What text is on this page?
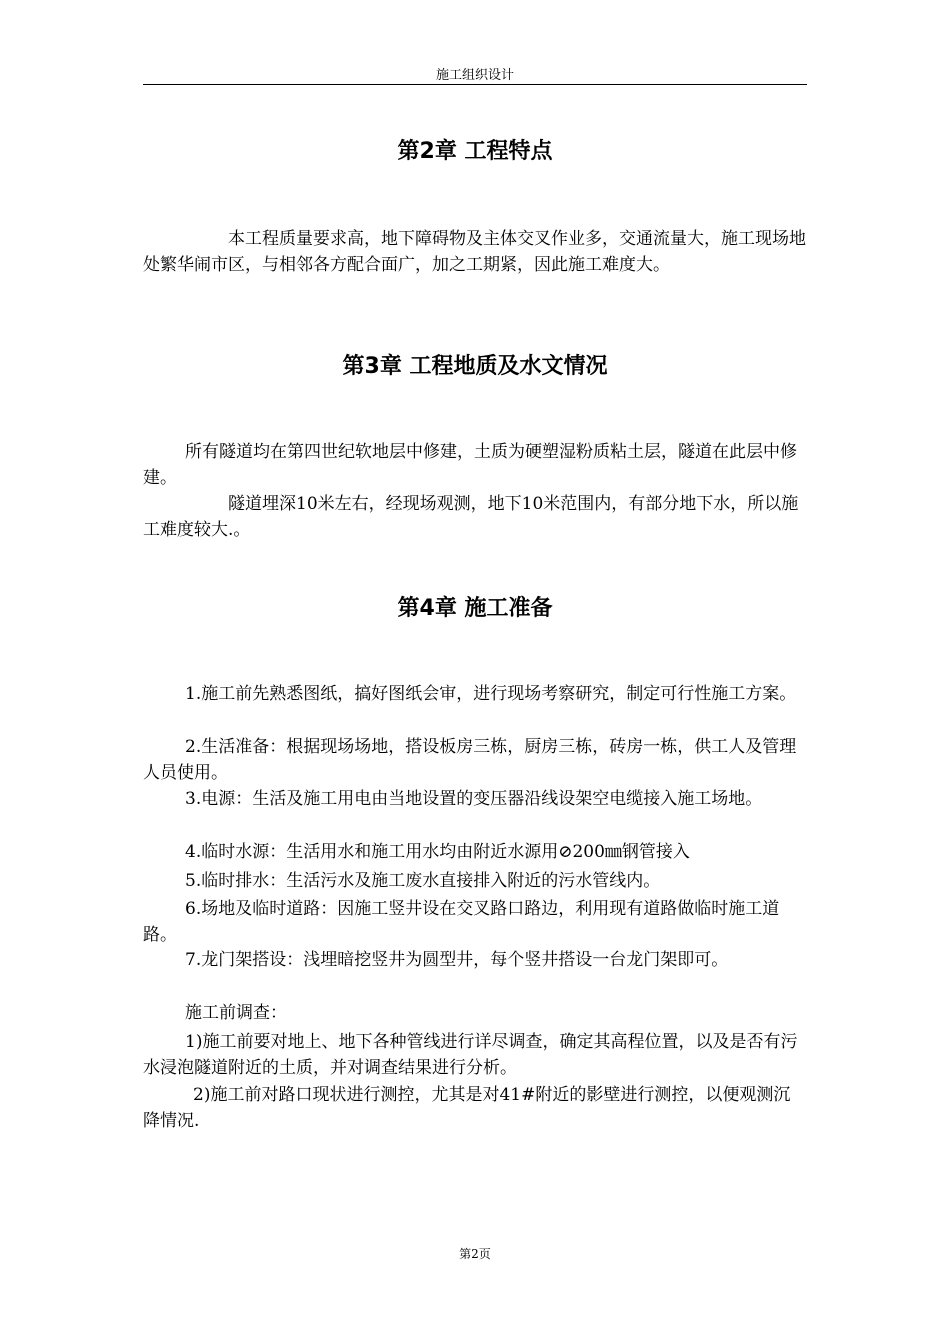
施工组织设计
第2章 工程特点

本工程质量要求高，地下障碍物及主体交叉作业多，交通流量大，施工现场地处繁华闹市区，与相邻各方配合面广，加之工期紧，因此施工难度大。

第3章 工程地质及水文情况

所有隧道均在第四世纪软地层中修建，土质为硬塑湿粉质粘土层，隧道在此层中修建。

隧道埋深10米左右，经现场观测，地下10米范围内，有部分地下水，所以施工难度较大.。

第4章 施工准备

1.施工前先熟悉图纸，搞好图纸会审，进行现场考察研究，制定可行性施工方案。

2.生活准备：根据现场场地，搭设板房三栋，厨房三栋，砖房一栋，供工人及管理人员使用。

3.电源：生活及施工用电由当地设置的变压器沿线设架空电缆接入施工场地。

4.临时水源：生活用水和施工用水均由附近水源用⊘200㎜钢管接入

5.临时排水：生活污水及施工废水直接排入附近的污水管线内。

6.场地及临时道路：因施工竖井设在交叉路口路边，利用现有道路做临时施工道路。

7.龙门架搭设：浅埋暗挖竖井为圆型井，每个竖井搭设一台龙门架即可。

施工前调查：

1)施工前要对地上、地下各种管线进行详尽调查，确定其高程位置，以及是否有污水浸泡隧道附近的土质，并对调查结果进行分析。

2)施工前对路口现状进行测控，尤其是对41#附近的影壁进行测控，以便观测沉降情况.

第2页
